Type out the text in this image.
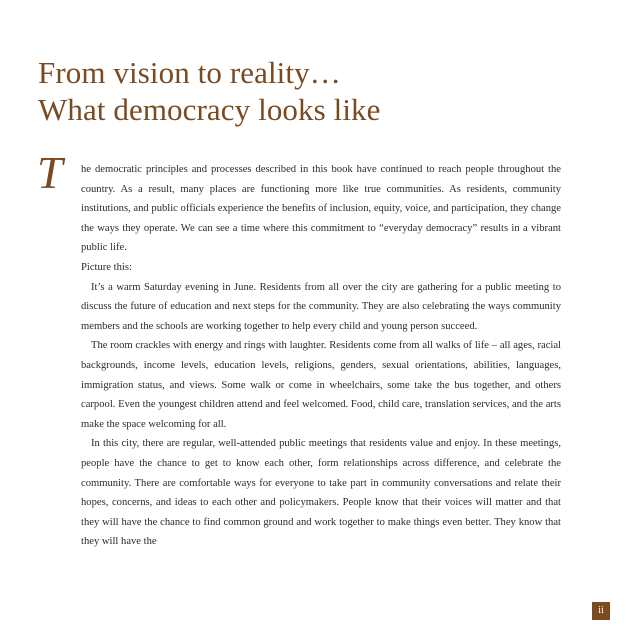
From vision to reality…
What democracy looks like
T he democratic principles and processes described in this book have continued to reach people throughout the country. As a result, many places are functioning more like true communities. As residents, community institutions, and public officials experience the benefits of inclusion, equity, voice, and participation, they change the ways they operate. We can see a time where this commitment to “everyday democracy” results in a vibrant public life.

Picture this:

It’s a warm Saturday evening in June. Residents from all over the city are gathering for a public meeting to discuss the future of education and next steps for the community. They are also celebrating the ways community members and the schools are working together to help every child and young person succeed.

The room crackles with energy and rings with laughter. Residents come from all walks of life – all ages, racial backgrounds, income levels, education levels, religions, genders, sexual orientations, abilities, languages, immigration status, and views. Some walk or come in wheelchairs, some take the bus together, and others carpool. Even the youngest children attend and feel welcomed. Food, child care, translation services, and the arts make the space welcoming for all.

In this city, there are regular, well-attended public meetings that residents value and enjoy. In these meetings, people have the chance to get to know each other, form relationships across difference, and celebrate the community. There are comfortable ways for everyone to take part in community conversations and relate their hopes, concerns, and ideas to each other and policymakers. People know that their voices will matter and that they will have the chance to find common ground and work together to make things even better. They know that they will have the

ii
